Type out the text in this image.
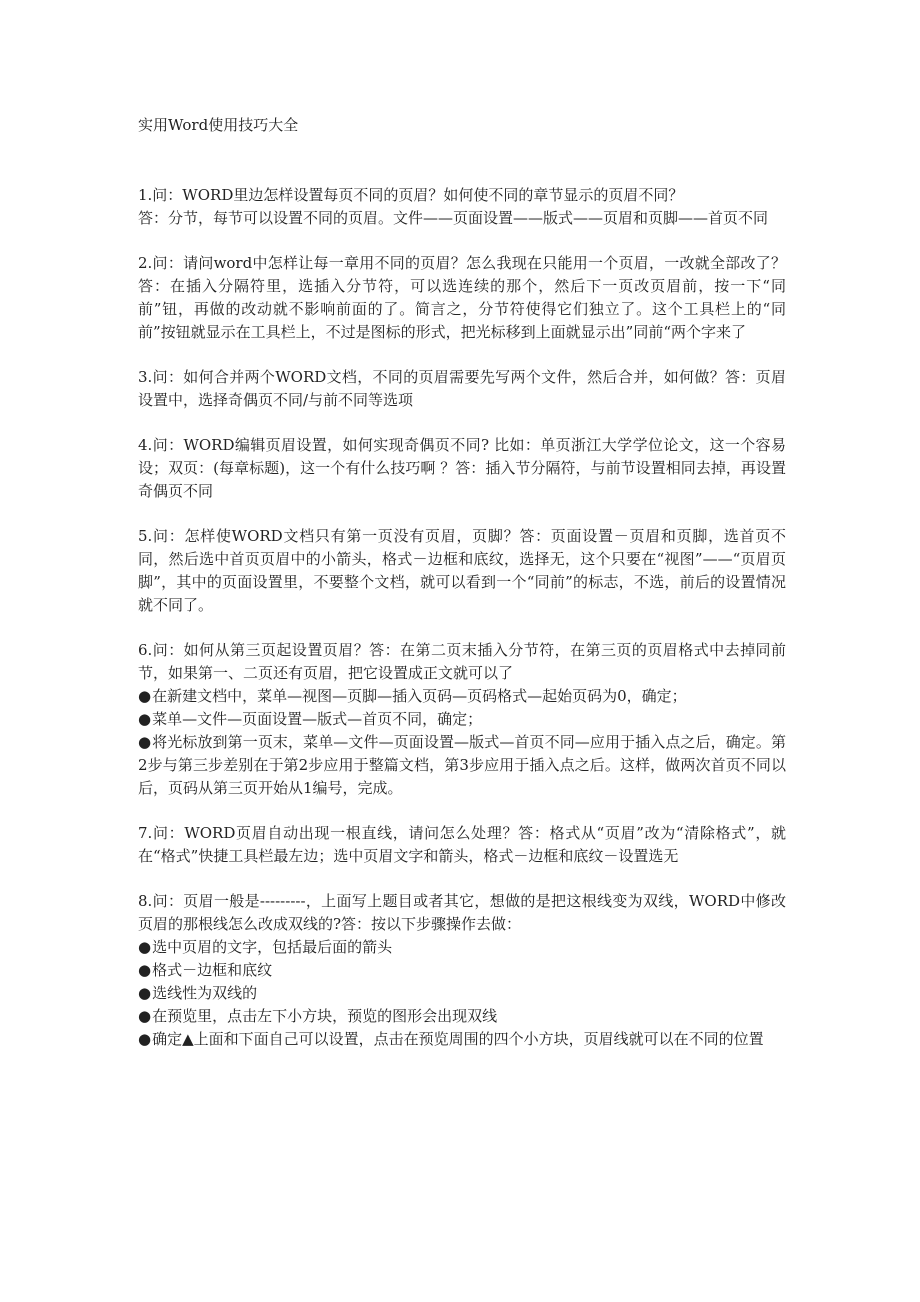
实用Word使用技巧大全

1.问：WORD里边怎样设置每页不同的页眉？如何使不同的章节显示的页眉不同？

答：分节，每节可以设置不同的页眉。文件——页面设置——版式——页眉和页脚——首页不同

2.问：请问word中怎样让每一章用不同的页眉？怎么我现在只能用一个页眉，一改就全部改了？答：在插入分隔符里，选插入分节符，可以选连续的那个，然后下一页改页眉前，按一下“同前”钮，再做的改动就不影响前面的了。简言之，分节符使得它们独立了。这个工具栏上的“同前”按钮就显示在工具栏上，不过是图标的形式，把光标移到上面就显示出”同前“两个字来了

3.问：如何合并两个WORD文档，不同的页眉需要先写两个文件，然后合并，如何做？答：页眉设置中，选择奇偶页不同/与前不同等选项

4.问：WORD编辑页眉设置，如何实现奇偶页不同? 比如：单页浙江大学学位论文，这一个容易设；双页：(每章标题)，这一个有什么技巧啊 ？答：插入节分隔符，与前节设置相同去掉，再设置奇偶页不同

5.问：怎样使WORD文档只有第一页没有页眉，页脚？答：页面设置－页眉和页脚，选首页不同，然后选中首页页眉中的小箭头，格式－边框和底纹，选择无，这个只要在“视图”——“页眉页脚”，其中的页面设置里，不要整个文档，就可以看到一个“同前”的标志，不选，前后的设置情况就不同了。

6.问：如何从第三页起设置页眉？答：在第二页末插入分节符，在第三页的页眉格式中去掉同前节，如果第一、二页还有页眉，把它设置成正文就可以了

●在新建文档中，菜单—视图—页脚—插入页码—页码格式—起始页码为0，确定；

●菜单—文件—页面设置—版式—首页不同，确定；

●将光标放到第一页末，菜单—文件—页面设置—版式—首页不同—应用于插入点之后，确定。第2步与第三步差别在于第2步应用于整篇文档，第3步应用于插入点之后。这样，做两次首页不同以后，页码从第三页开始从1编号，完成。

7.问：WORD页眉自动出现一根直线，请问怎么处理？答：格式从“页眉”改为“清除格式”，就在“格式”快捷工具栏最左边；选中页眉文字和箭头，格式－边框和底纹－设置选无

8.问：页眉一般是---------，上面写上题目或者其它，想做的是把这根线变为双线，WORD中修改页眉的那根线怎么改成双线的?答：按以下步骤操作去做：

●选中页眉的文字，包括最后面的箭头

●格式－边框和底纹

●选线性为双线的

●在预览里，点击左下小方块，预览的图形会出现双线

●确定▲上面和下面自己可以设置，点击在预览周围的四个小方块，页眉线就可以在不同的位置
